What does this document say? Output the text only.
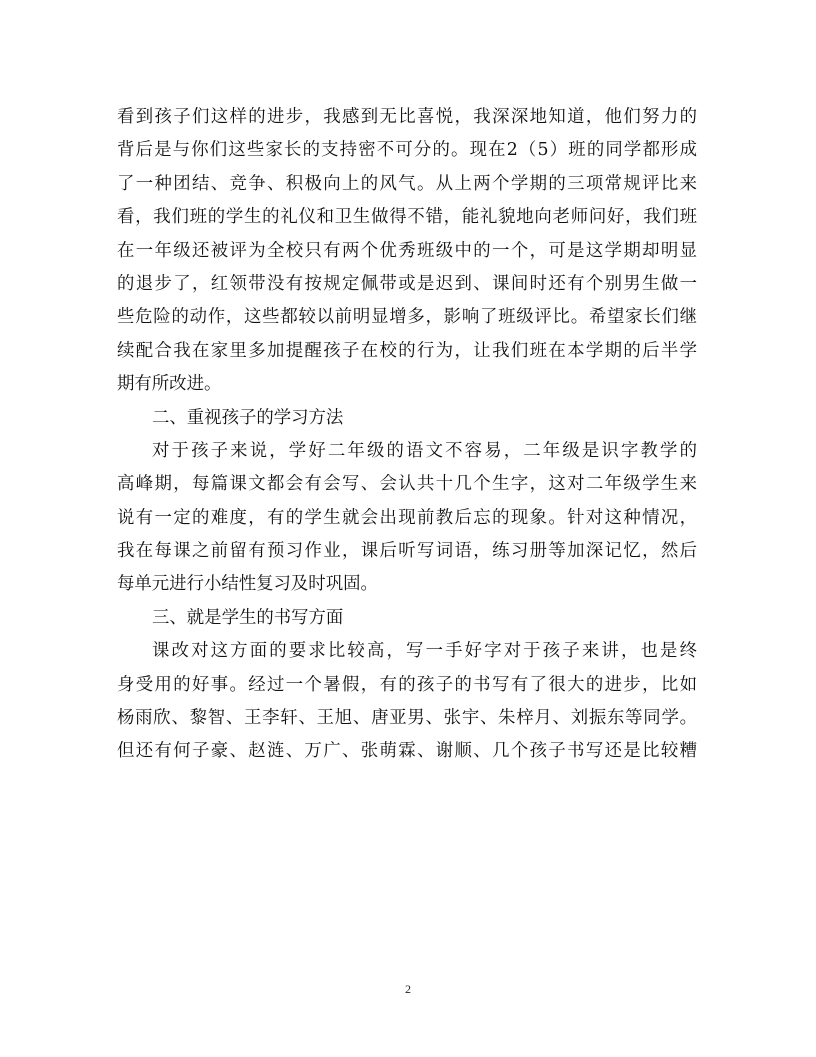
看到孩子们这样的进步，我感到无比喜悦，我深深地知道，他们努力的
背后是与你们这些家长的支持密不可分的。现在2（5）班的同学都形成
了一种团结、竞争、积极向上的风气。从上两个学期的三项常规评比来
看，我们班的学生的礼仪和卫生做得不错，能礼貌地向老师问好，我们班
在一年级还被评为全校只有两个优秀班级中的一个，可是这学期却明显
的退步了，红领带没有按规定佩带或是迟到、课间时还有个别男生做一
些危险的动作，这些都较以前明显增多，影响了班级评比。希望家长们继
续配合我在家里多加提醒孩子在校的行为，让我们班在本学期的后半学
期有所改进。
二、重视孩子的学习方法
对于孩子来说，学好二年级的语文不容易，二年级是识字教学的
高峰期，每篇课文都会有会写、会认共十几个生字，这对二年级学生来
说有一定的难度，有的学生就会出现前教后忘的现象。针对这种情况，
我在每课之前留有预习作业，课后听写词语，练习册等加深记忆，然后
每单元进行小结性复习及时巩固。
三、就是学生的书写方面
课改对这方面的要求比较高，写一手好字对于孩子来讲，也是终
身受用的好事。经过一个暑假，有的孩子的书写有了很大的进步，比如
杨雨欣、黎智、王李轩、王旭、唐亚男、张宇、朱梓月、刘振东等同学。
但还有何子豪、赵涟、万广、张萌霖、谢顺、几个孩子书写还是比较糟
2
